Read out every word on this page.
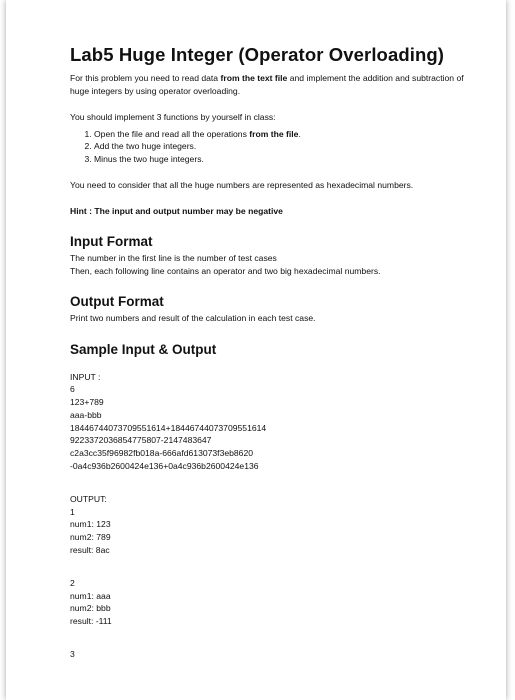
Lab5 Huge Integer (Operator Overloading)

For this problem you need to read data from the text file and implement the addition and subtraction of huge integers by using operator overloading.

You should implement 3 functions by yourself in class:

1. Open the file and read all the operations from the file.
2. Add the two huge integers.
3. Minus the two huge integers.

You need to consider that all the huge numbers are represented as hexadecimal numbers.

Hint : The input and output number may be negative

Input Format

The number in the first line is the number of test cases

Then, each following line contains an operator and two big hexadecimal numbers.

Output Format

Print two numbers and result of the calculation in each test case.

Sample Input & Output
INPUT :
6
123+789
aaa-bbb
18446744073709551614+18446744073709551614
9223372036854775807-2147483647
c2a3cc35f96982fb018a-666afd613073f3eb8620
-0a4c936b2600424e136+0a4c936b2600424e136
OUTPUT:
1
num1: 123
num2: 789
result: 8ac
2
num1: aaa
num2: bbb
result: -111
3
